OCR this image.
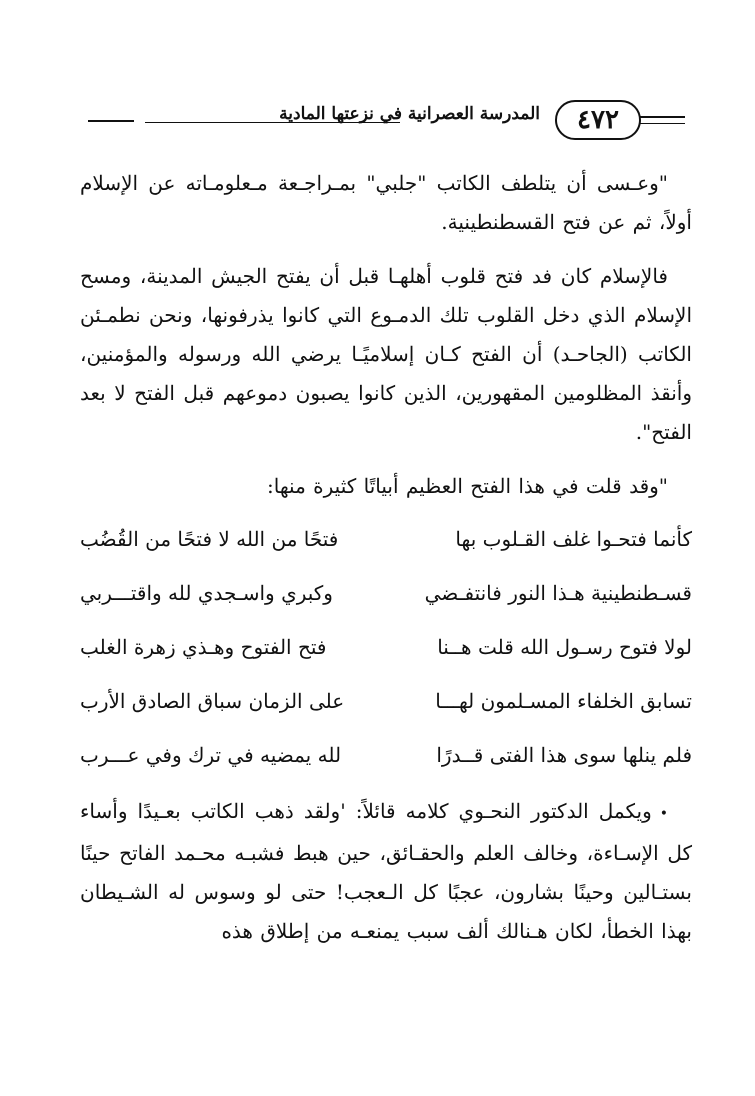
المدرسة العصرانية في نزعتها المادية	٤٧٢

"وعـسى أن يتلطف الكاتب "جلبي" بمـراجـعة مـعلومـاته عن الإسلام أولاً، ثم عن فتح القسطنطينية.

فالإسلام كان فد فتح قلوب أهلهـا قبل أن يفتح الجيش المدينة، ومسح الإسلام الذي دخل القلوب تلك الدمـوع التي كانوا يذرفونها، ونحن نطمـئن الكاتب (الجاحـد) أن الفتح كـان إسلاميًـا يرضي الله ورسوله والمؤمنين، وأنقذ المظلومين المقهورين، الذين كانوا يصبون دموعهم قبل الفتح لا بعد الفتح".

"وقد قلت في هذا الفتح العظيم أبياتًا كثيرة منها:

كأنما فتحـوا غلف القـلوب بها
فتحًا من الله لا فتحًا من القُضُب
قسـطنطينية هـذا النور فانتفـضي
وكبري واسـجدي لله واقتـــربي
لولا فتوح رسـول الله قلت هــنا
فتح الفتوح وهـذي زهرة الغلب
تسابق الخلفاء المسـلمون لهـــا
على الزمان سباق الصادق الأرب
فلم ينلها سوى هذا الفتى قــدرًا
لله يمضيه في ترك وفي عـــرب

• ويكمل الدكتور النحـوي كلامه قائلاً: 'ولقد ذهب الكاتب بعـيدًا وأساء كل الإسـاءة، وخالف العلم والحقـائق، حين هبط فشبـه محـمد الفاتح حينًا بستـالين وحينًا بشارون، عجبًا كل الـعجب! حتى لو وسوس له الشـيطان بهذا الخطأ، لكان هـنالك ألف سبب يمنعـه من إطلاق هذه
